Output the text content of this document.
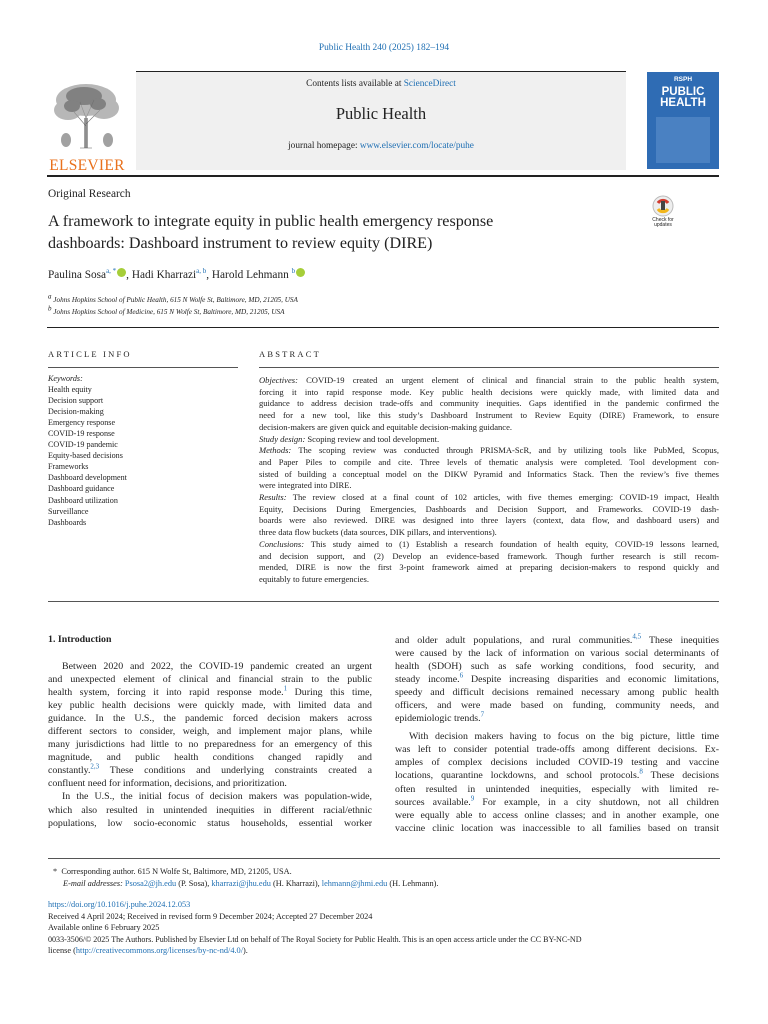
Public Health 240 (2025) 182–194
ELSEVIER
Contents lists available at ScienceDirect
Public Health
journal homepage: www.elsevier.com/locate/puhe
RSPH
PUBLIC
HEALTH
Original Research
A framework to integrate equity in public health emergency response
dashboards: Dashboard instrument to review equity (DIRE)
Check for
updates
Paulina Sosa$^{a, *}$ , Hadi Kharrazi$^{a, b}$, Harold Lehmann $^b$
a Johns Hopkins School of Public Health, 615 N Wolfe St, Baltimore, MD, 21205, USA
b Johns Hopkins School of Medicine, 615 N Wolfe St, Baltimore, MD, 21205, USA
ARTICLE INFO
Keywords:
Health equity
Decision support
Decision-making
Emergency response
COVID-19 response
COVID-19 pandemic
Equity-based decisions
Frameworks
Dashboard development
Dashboard guidance
Dashboard utilization
Surveillance
Dashboards
ABSTRACT
Objectives: COVID-19 created an urgent element of clinical and financial strain to the public health system,
forcing it into rapid response mode. Key public health decisions were quickly made, with limited data and
guidance to address decision trade-offs and community inequities. Gaps identified in the pandemic confirmed the
need for a new tool, like this study’s Dashboard Instrument to Review Equity (DIRE) Framework, to ensure
decision-makers are given quick and equitable decision-making guidance.
Study design: Scoping review and tool development.
Methods: The scoping review was conducted through PRISMA-ScR, and by utilizing tools like PubMed, Scopus,
and Paper Piles to compile and cite. Three levels of thematic analysis were completed. Tool development con-
sisted of building a conceptual model on the DIKW Pyramid and Informatics Stack. Then the review’s five themes
were integrated into DIRE.
Results: The review closed at a final count of 102 articles, with five themes emerging: COVID-19 impact, Health
Equity, Decisions During Emergencies, Dashboards and Decision Support, and Frameworks. COVID-19 dash-
boards were also reviewed. DIRE was designed into three layers (context, data flow, and dashboard users) and
three data flow buckets (data sources, DIK pillars, and interventions).
Conclusions: This study aimed to (1) Establish a research foundation of health equity, COVID-19 lessons learned,
and decision support, and (2) Develop an evidence-based framework. Though further research is still recom-
mended, DIRE is now the first 3-point framework aimed at preparing decision-makers to respond quickly and
equitably to future emergencies.
1. Introduction
Between 2020 and 2022, the COVID-19 pandemic created an urgent
and unexpected element of clinical and financial strain to the public
health system, forcing it into rapid response mode.$^1$ During this time,
key public health decisions were quickly made, with limited data and
guidance. In the U.S., the pandemic forced decision makers across
different sectors to consider, weigh, and implement major plans, while
many jurisdictions had little to no preparedness for an emergency of this
magnitude, and public health conditions changed rapidly and
constantly.$^{2,3}$ These conditions and underlying constraints created a
confluent need for information, decisions, and prioritization.
In the U.S., the initial focus of decision makers was population-wide,
which also resulted in unintended inequities in different racial/ethnic
populations, low socio-economic status households, essential worker
and older adult populations, and rural communities.$^{4,5}$ These inequities
were caused by the lack of information on various social determinants of
health (SDOH) such as safe working conditions, food security, and
steady income.$^6$ Despite increasing disparities and economic limitations,
speedy and difficult decisions remained necessary among public health
officers, and were made based on funding, community needs, and
epidemiologic trends.$^7$
With decision makers having to focus on the big picture, little time
was left to consider potential trade-offs among different decisions. Ex-
amples of complex decisions included COVID-19 testing and vaccine
locations, quarantine lockdowns, and school protocols.$^8$ These decisions
often resulted in unintended inequities, especially with limited re-
sources available.$^9$ For example, in a city shutdown, not all children
were equally able to access online classes; and in another example, one
vaccine clinic location was inaccessible to all families based on transit
* Corresponding author. 615 N Wolfe St, Baltimore, MD, 21205, USA.
E-mail addresses: Psosa2@jh.edu (P. Sosa), kharrazi@jhu.edu (H. Kharrazi), lehmann@jhmi.edu (H. Lehmann).
https://doi.org/10.1016/j.puhe.2024.12.053
Received 4 April 2024; Received in revised form 9 December 2024; Accepted 27 December 2024
Available online 6 February 2025
0033-3506/© 2025 The Authors. Published by Elsevier Ltd on behalf of The Royal Society for Public Health. This is an open access article under the CC BY-NC-ND
license (http://creativecommons.org/licenses/by-nc-nd/4.0/).
